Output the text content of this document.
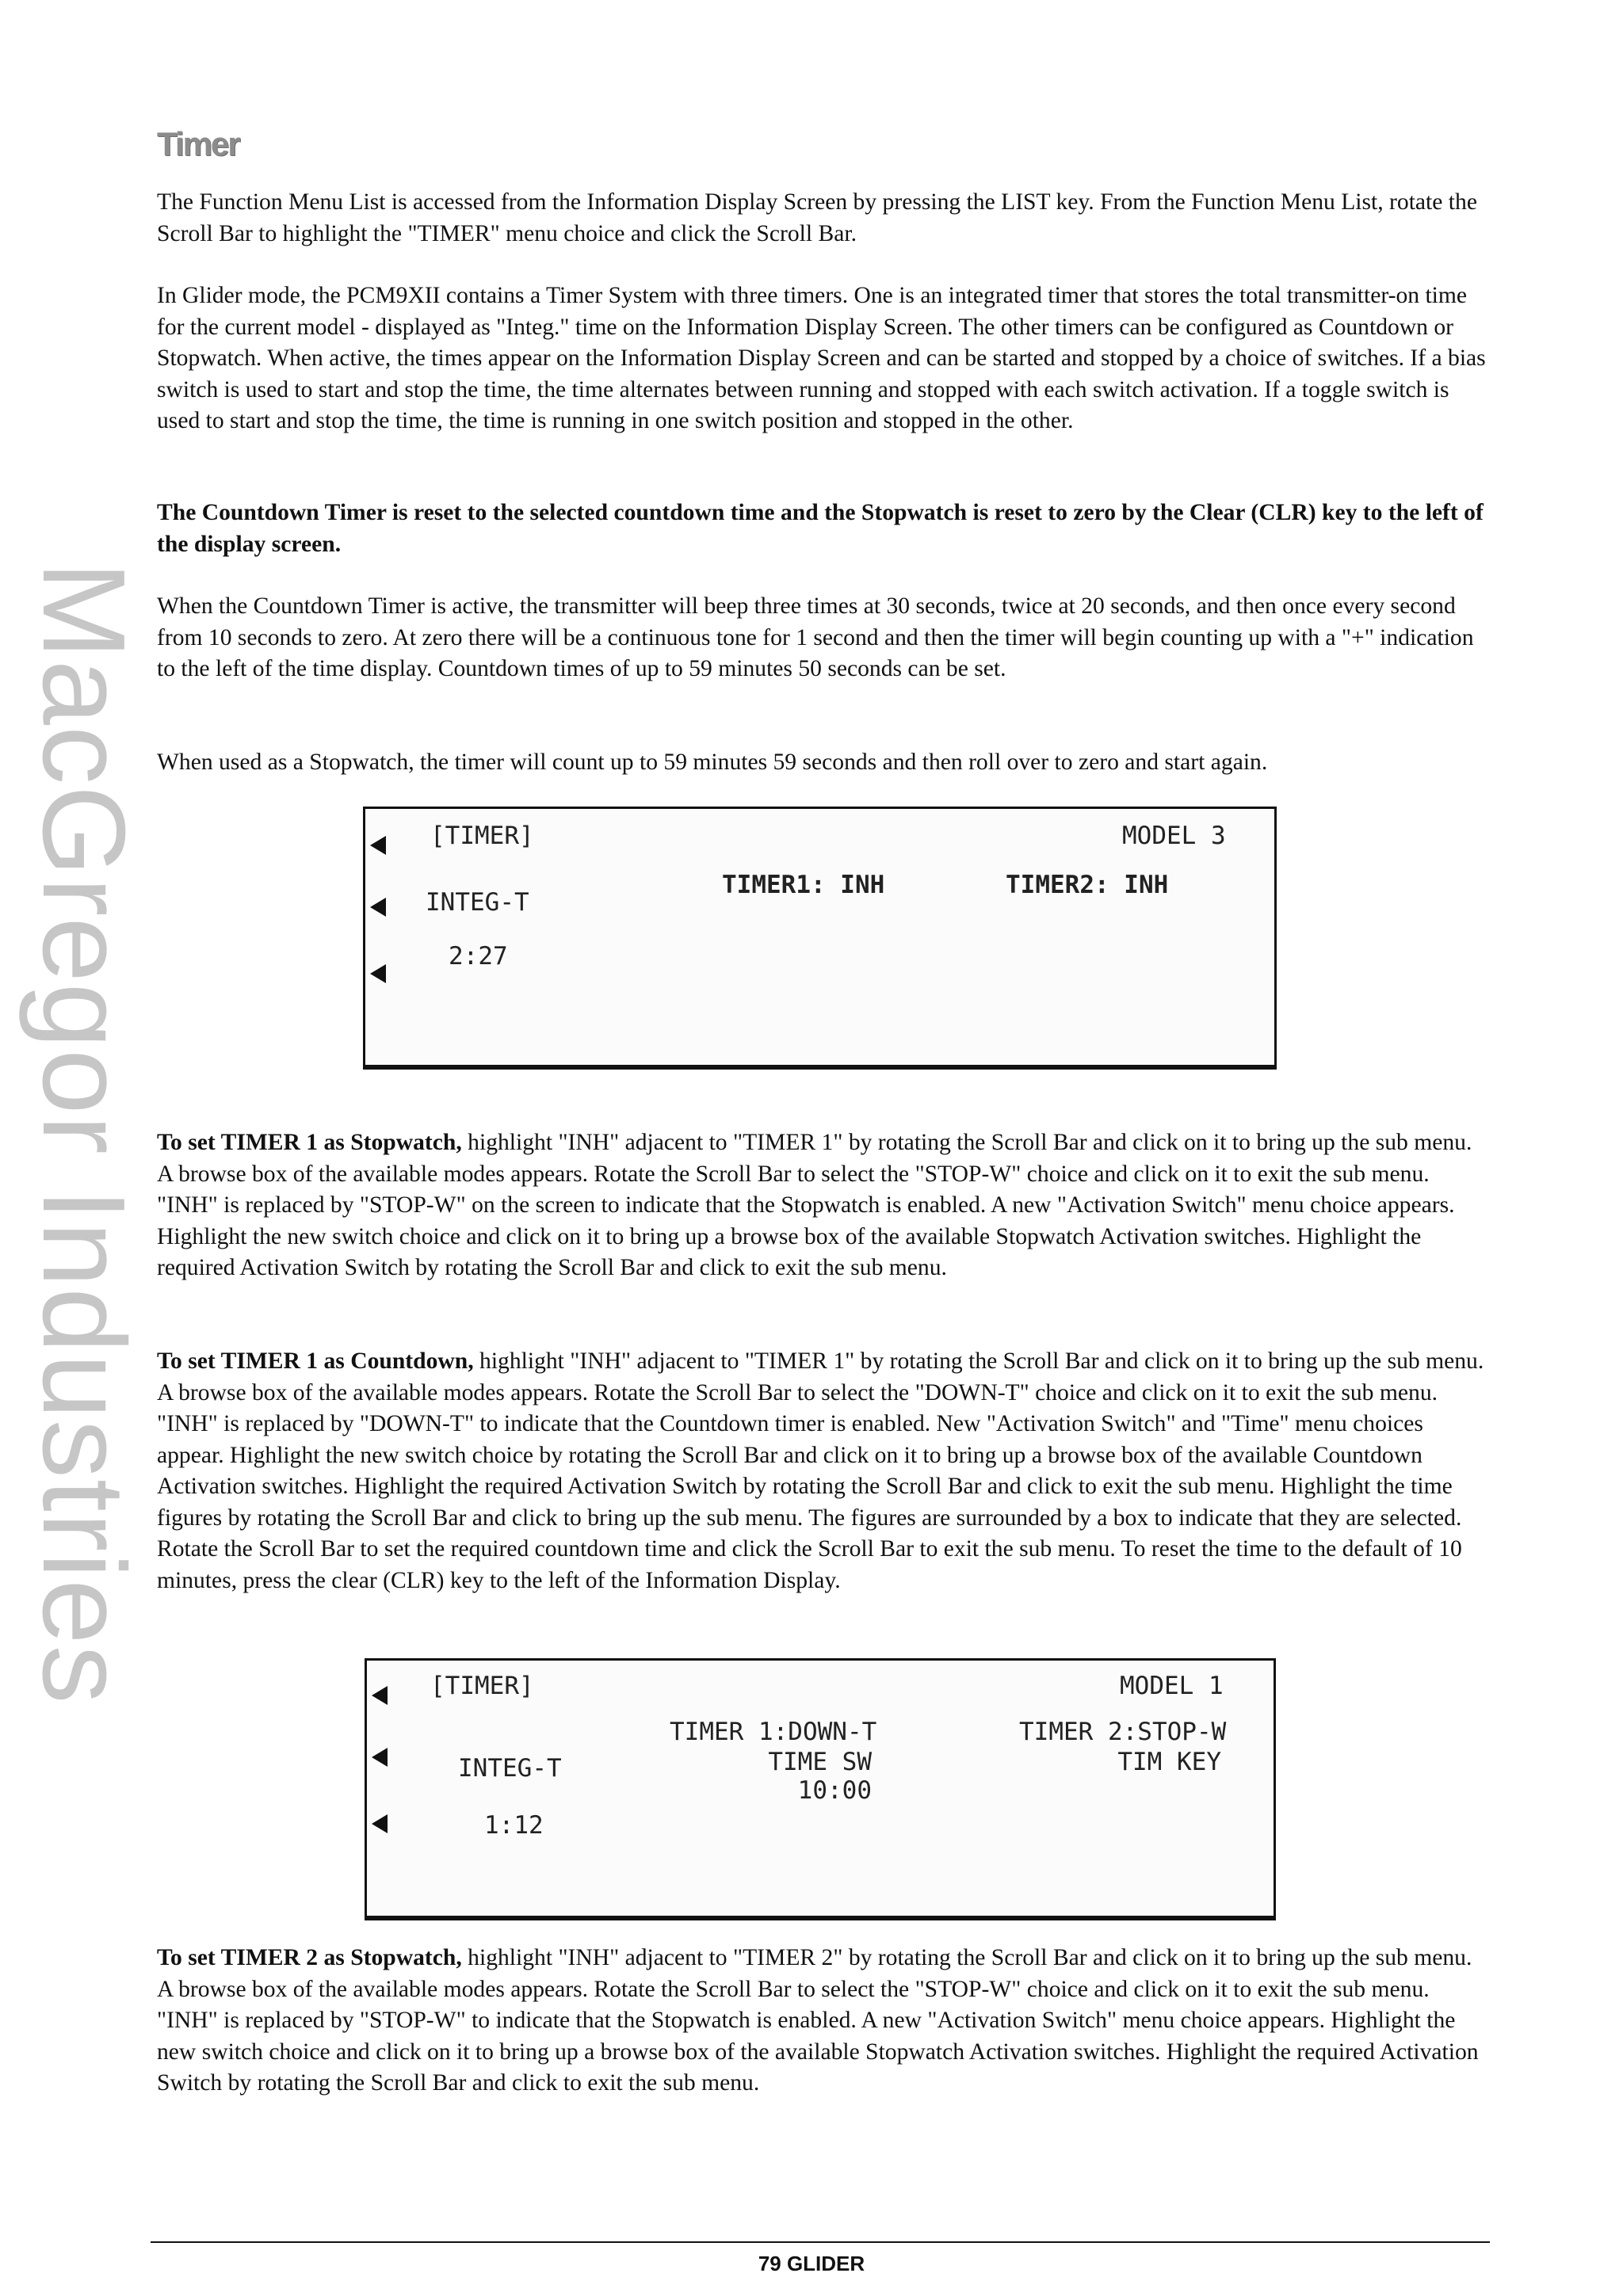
MacGregor Industries
Timer

The Function Menu List is accessed from the Information Display Screen by pressing the LIST key. From the Function Menu List, rotate the Scroll Bar to highlight the "TIMER" menu choice and click the Scroll Bar.

In Glider mode, the PCM9XII contains a Timer System with three timers. One is an integrated timer that stores the total transmitter-on time for the current model - displayed as "Integ." time on the Information Display Screen. The other timers can be configured as Countdown or Stopwatch. When active, the times appear on the Information Display Screen and can be started and stopped by a choice of switches. If a bias switch is used to start and stop the time, the time alternates between running and stopped with each switch activation. If a toggle switch is used to start and stop the time, the time is running in one switch position and stopped in the other.

The Countdown Timer is reset to the selected countdown time and the Stopwatch is reset to zero by the Clear (CLR) key to the left of the display screen.

When the Countdown Timer is active, the transmitter will beep three times at 30 seconds, twice at 20 seconds, and then once every second from 10 seconds to zero. At zero there will be a continuous tone for 1 second and then the timer will begin counting up with a "+" indication to the left of the time display. Countdown times of up to 59 minutes 50 seconds can be set.

When used as a Stopwatch, the timer will count up to 59 minutes 59 seconds and then roll over to zero and start again.

[TIMER]	MODEL 3
INTEG-T
2:27
TIMER1: INH	TIMER2: INH

To set TIMER 1 as Stopwatch, highlight "INH" adjacent to "TIMER 1" by rotating the Scroll Bar and click on it to bring up the sub menu. A browse box of the available modes appears. Rotate the Scroll Bar to select the "STOP-W" choice and click on it to exit the sub menu. "INH" is replaced by "STOP-W" on the screen to indicate that the Stopwatch is enabled. A new "Activation Switch" menu choice appears. Highlight the new switch choice and click on it to bring up a browse box of the available Stopwatch Activation switches. Highlight the required Activation Switch by rotating the Scroll Bar and click to exit the sub menu.

To set TIMER 1 as Countdown, highlight "INH" adjacent to "TIMER 1" by rotating the Scroll Bar and click on it to bring up the sub menu. A browse box of the available modes appears. Rotate the Scroll Bar to select the "DOWN-T" choice and click on it to exit the sub menu. "INH" is replaced by "DOWN-T" to indicate that the Countdown timer is enabled. New "Activation Switch" and "Time" menu choices appear. Highlight the new switch choice by rotating the Scroll Bar and click on it to bring up a browse box of the available Countdown Activation switches. Highlight the required Activation Switch by rotating the Scroll Bar and click to exit the sub menu. Highlight the time figures by rotating the Scroll Bar and click to bring up the sub menu. The figures are surrounded by a box to indicate that they are selected. Rotate the Scroll Bar to set the required countdown time and click the Scroll Bar to exit the sub menu. To reset the time to the default of 10 minutes, press the clear (CLR) key to the left of the Information Display.

[TIMER]	MODEL 1
INTEG-T
1:12
TIMER 1:DOWN-T
TIME SW
10:00
TIMER 2:STOP-W
TIM KEY

To set TIMER 2 as Stopwatch, highlight "INH" adjacent to "TIMER 2" by rotating the Scroll Bar and click on it to bring up the sub menu. A browse box of the available modes appears. Rotate the Scroll Bar to select the "STOP-W" choice and click on it to exit the sub menu. "INH" is replaced by "STOP-W" to indicate that the Stopwatch is enabled. A new "Activation Switch" menu choice appears. Highlight the new switch choice and click on it to bring up a browse box of the available Stopwatch Activation switches. Highlight the required Activation Switch by rotating the Scroll Bar and click to exit the sub menu.

79 GLIDER
